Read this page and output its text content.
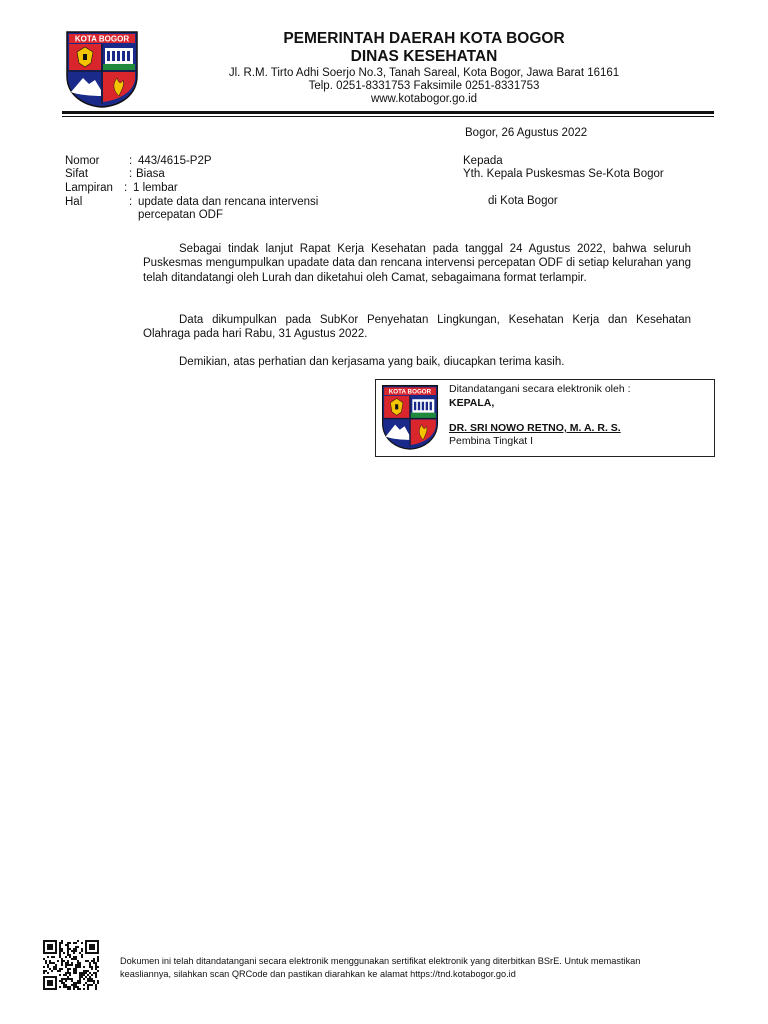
KOTA BOGOR	PEMERINTAH DAERAH KOTA BOGOR
DINAS KESEHATAN
Jl. R.M. Tirto Adhi Soerjo No.3, Tanah Sareal, Kota Bogor, Jawa Barat 16161
Telp. 0251-8331753 Faksimile 0251-8331753
www.kotabogor.go.id
Bogor, 26 Agustus 2022
Nomor	: 443/4615-P2P
Sifat	: Biasa
Lampiran : 1 lembar
Hal	: update data dan rencana intervensi
percepatan ODF
Kepada
Yth. Kepala Puskesmas Se-Kota Bogor
di Kota Bogor
Sebagai tindak lanjut Rapat Kerja Kesehatan pada tanggal 24 Agustus 2022, bahwa seluruh Puskesmas mengumpulkan upadate data dan rencana intervensi percepatan ODF di setiap kelurahan yang telah ditandatangi oleh Lurah dan diketahui oleh Camat, sebagaimana format terlampir.
Data dikumpulkan pada SubKor Penyehatan Lingkungan, Kesehatan Kerja dan Kesehatan Olahraga pada hari Rabu, 31 Agustus 2022.
Demikian, atas perhatian dan kerjasama yang baik, diucapkan terima kasih.
KOTA BOGOR Ditandatangani secara elektronik oleh :
KEPALA,
DR. SRI NOWO RETNO, M. A. R. S.
Pembina Tingkat I
Dokumen ini telah ditandatangani secara elektronik menggunakan sertifikat elektronik yang diterbitkan BSrE. Untuk memastikan
keasliannya, silahkan scan QRCode dan pastikan diarahkan ke alamat https://tnd.kotabogor.go.id
